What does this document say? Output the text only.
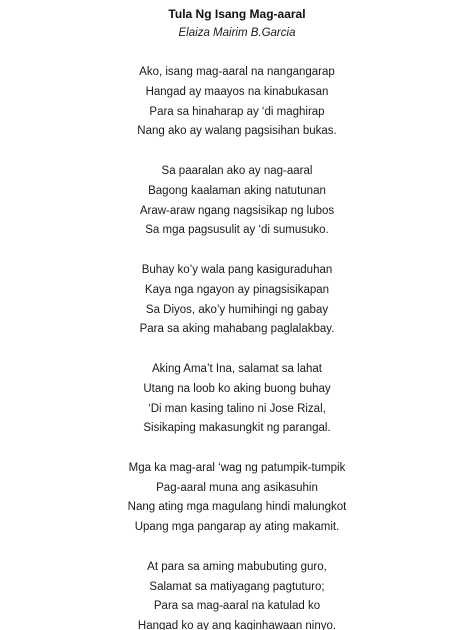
Tula Ng Isang Mag-aaral
Elaiza Mairim B.Garcia
Ako, isang mag-aaral na nangangarap
Hangad ay maayos na kinabukasan
Para sa hinaharap ay ‘di maghirap
Nang ako ay walang pagsisihan bukas.
Sa paaralan ako ay nag-aaral
Bagong kaalaman aking natutunan
Araw-araw ngang nagsisikap ng lubos
Sa mga pagsusulit ay ‘di sumusuko.
Buhay ko’y wala pang kasiguraduhan
Kaya nga ngayon ay pinagsisikapan
Sa Diyos, ako’y humihingi ng gabay
Para sa aking mahabang paglalakbay.
Aking Ama’t Ina, salamat sa lahat
Utang na loob ko aking buong buhay
‘Di man kasing talino ni Jose Rizal,
Sisikaping makasungkit ng parangal.
Mga ka mag-aral ‘wag ng patumpik-tumpik
Pag-aaral muna ang asikasuhin
Nang ating mga magulang hindi malungkot
Upang mga pangarap ay ating makamit.
At para sa aming mabubuting guro,
Salamat sa matiyagang pagtuturo;
Para sa mag-aaral na katulad ko
Hangad ko ay ang kaginhawaan ninyo.
